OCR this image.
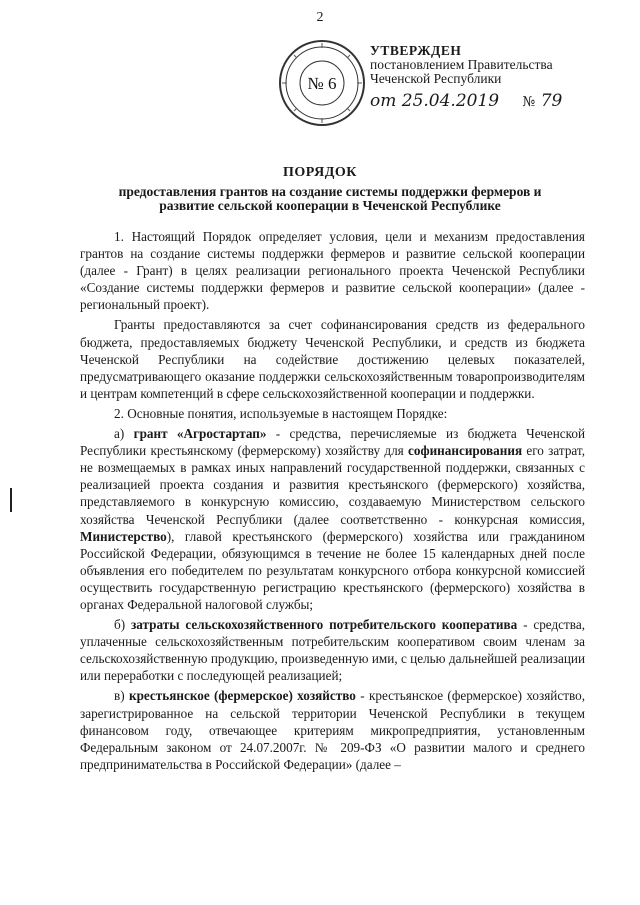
2
№ 6
УТВЕРЖДЕН
постановлением Правительства
Чеченской Республики
от 25.04.2019 № 79
ПОРЯДОК
предоставления грантов на создание системы поддержки фермеров и развитие сельской кооперации в Чеченской Республике

1. Настоящий Порядок определяет условия, цели и механизм предоставления грантов на создание системы поддержки фермеров и развитие сельской кооперации (далее - Грант) в целях реализации регионального проекта Чеченской Республики «Создание системы поддержки фермеров и развитие сельской кооперации» (далее - региональный проект).

Гранты предоставляются за счет софинансирования средств из федерального бюджета, предоставляемых бюджету Чеченской Республики, и средств из бюджета Чеченской Республики на содействие достижению целевых показателей, предусматривающего оказание поддержки сельскохозяйственным товаропроизводителям и центрам компетенций в сфере сельскохозяйственной кооперации и поддержки.

2. Основные понятия, используемые в настоящем Порядке:

а) грант «Агростартап» - средства, перечисляемые из бюджета Чеченской Республики крестьянскому (фермерскому) хозяйству для софинансирования его затрат, не возмещаемых в рамках иных направлений государственной поддержки, связанных с реализацией проекта создания и развития крестьянского (фермерского) хозяйства, представляемого в конкурсную комиссию, создаваемую Министерством сельского хозяйства Чеченской Республики (далее соответственно - конкурсная комиссия, Министерство), главой крестьянского (фермерского) хозяйства или гражданином Российской Федерации, обязующимся в течение не более 15 календарных дней после объявления его победителем по результатам конкурсного отбора конкурсной комиссией осуществить государственную регистрацию крестьянского (фермерского) хозяйства в органах Федеральной налоговой службы;

б) затраты сельскохозяйственного потребительского кооператива - средства, уплаченные сельскохозяйственным потребительским кооперативом своим членам за сельскохозяйственную продукцию, произведенную ими, с целью дальнейшей реализации или переработки с последующей реализацией;

в) крестьянское (фермерское) хозяйство - крестьянское (фермерское) хозяйство, зарегистрированное на сельской территории Чеченской Республики в текущем финансовом году, отвечающее критериям микропредприятия, установленным Федеральным законом от 24.07.2007г. № 209-ФЗ «О развитии малого и среднего предпринимательства в Российской Федерации» (далее –
